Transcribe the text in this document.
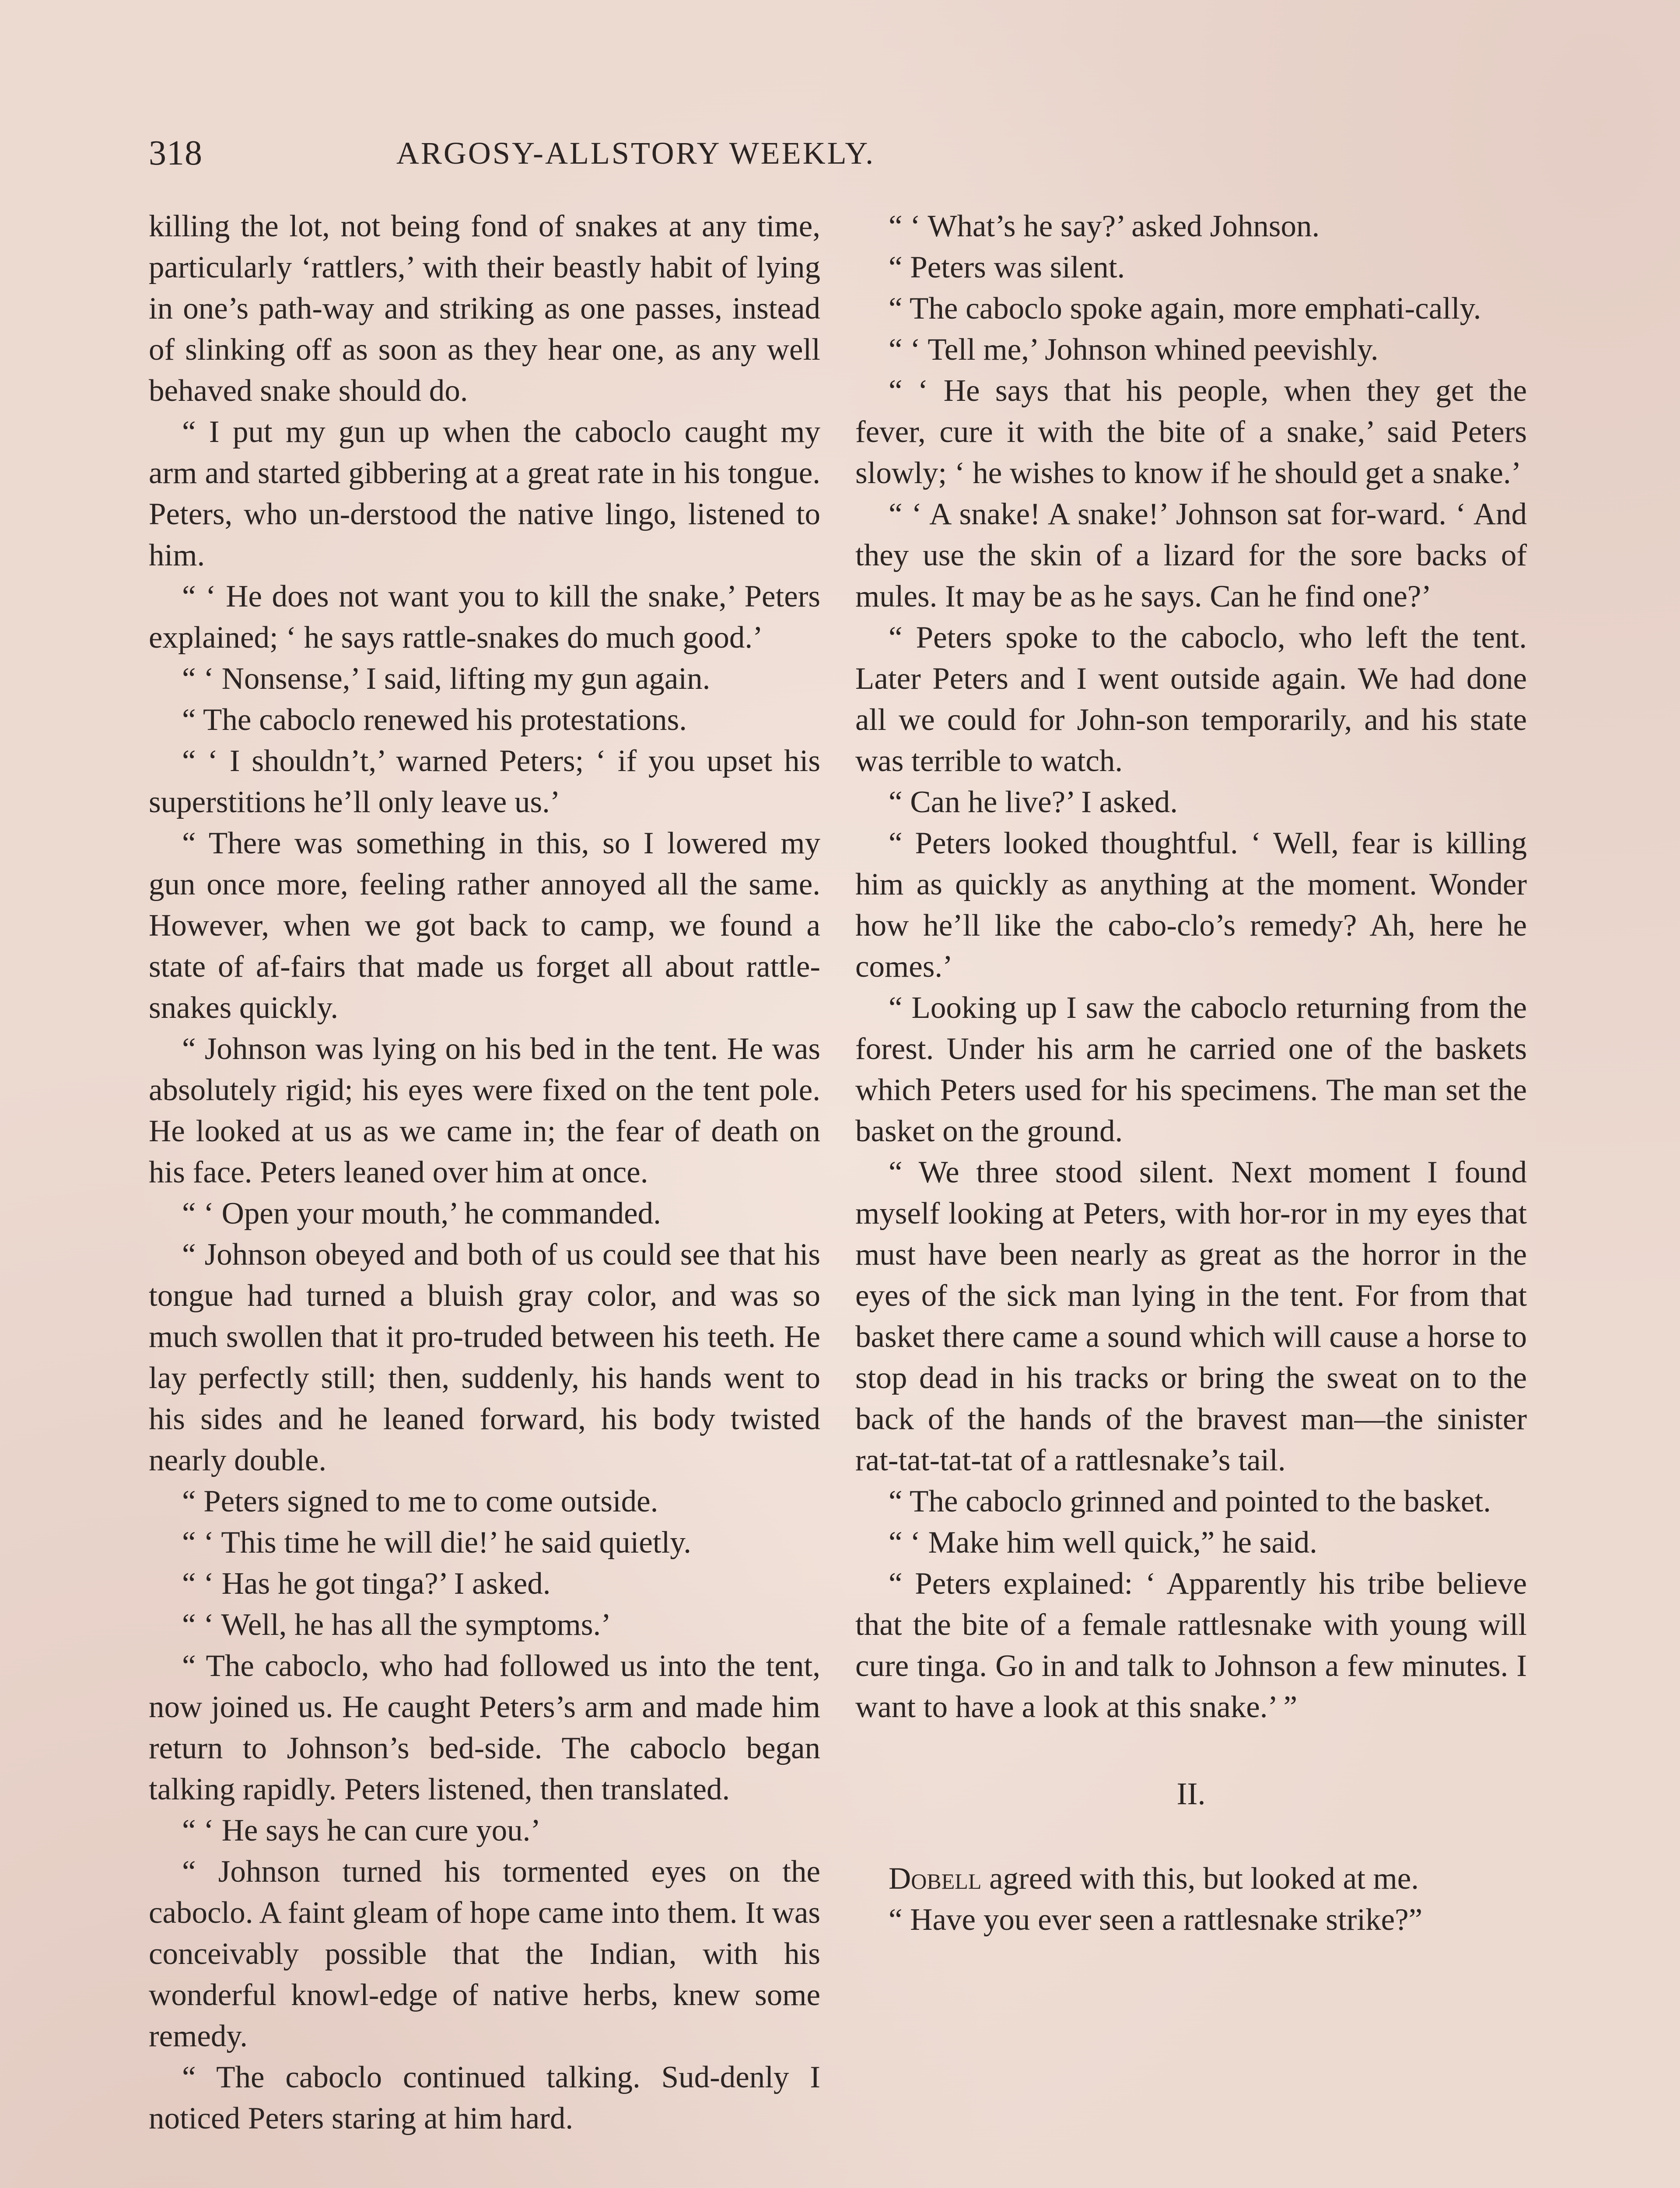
318	ARGOSY-ALLSTORY WEEKLY.

killing the lot, not being fond of snakes at any time, particularly ‘rattlers,’ with their beastly habit of lying in one’s path-way and striking as one passes, instead of slinking off as soon as they hear one, as any well behaved snake should do.

“ I put my gun up when the caboclo caught my arm and started gibbering at a great rate in his tongue. Peters, who un-derstood the native lingo, listened to him.

“ ‘ He does not want you to kill the snake,’ Peters explained; ‘ he says rattle-snakes do much good.’

“ ‘ Nonsense,’ I said, lifting my gun again.

“ The caboclo renewed his protestations.

“ ‘ I shouldn’t,’ warned Peters; ‘ if you upset his superstitions he’ll only leave us.’

“ There was something in this, so I lowered my gun once more, feeling rather annoyed all the same. However, when we got back to camp, we found a state of af-fairs that made us forget all about rattle-snakes quickly.

“ Johnson was lying on his bed in the tent. He was absolutely rigid; his eyes were fixed on the tent pole. He looked at us as we came in; the fear of death on his face. Peters leaned over him at once.

“ ‘ Open your mouth,’ he commanded.

“ Johnson obeyed and both of us could see that his tongue had turned a bluish gray color, and was so much swollen that it pro-truded between his teeth. He lay perfectly still; then, suddenly, his hands went to his sides and he leaned forward, his body twisted nearly double.

“ Peters signed to me to come outside.

“ ‘ This time he will die!’ he said quietly.

“ ‘ Has he got tinga?’ I asked.

“ ‘ Well, he has all the symptoms.’

“ The caboclo, who had followed us into the tent, now joined us. He caught Peters’s arm and made him return to Johnson’s bed-side. The caboclo began talking rapidly. Peters listened, then translated.

“ ‘ He says he can cure you.’

“ Johnson turned his tormented eyes on the caboclo. A faint gleam of hope came into them. It was conceivably possible that the Indian, with his wonderful knowl-edge of native herbs, knew some remedy.

“ The caboclo continued talking. Sud-denly I noticed Peters staring at him hard.

“ ‘ What’s he say?’ asked Johnson.

“ Peters was silent.

“ The caboclo spoke again, more emphati-cally.

“ ‘ Tell me,’ Johnson whined peevishly.

“ ‘ He says that his people, when they get the fever, cure it with the bite of a snake,’ said Peters slowly; ‘ he wishes to know if he should get a snake.’

“ ‘ A snake! A snake!’ Johnson sat for-ward. ‘ And they use the skin of a lizard for the sore backs of mules. It may be as he says. Can he find one?’

“ Peters spoke to the caboclo, who left the tent. Later Peters and I went outside again. We had done all we could for John-son temporarily, and his state was terrible to watch.

“ Can he live?’ I asked.

“ Peters looked thoughtful. ‘ Well, fear is killing him as quickly as anything at the moment. Wonder how he’ll like the cabo-clo’s remedy? Ah, here he comes.’

“ Looking up I saw the caboclo returning from the forest. Under his arm he carried one of the baskets which Peters used for his specimens. The man set the basket on the ground.

“ We three stood silent. Next moment I found myself looking at Peters, with hor-ror in my eyes that must have been nearly as great as the horror in the eyes of the sick man lying in the tent. For from that basket there came a sound which will cause a horse to stop dead in his tracks or bring the sweat on to the back of the hands of the bravest man—the sinister rat-tat-tat-tat of a rattlesnake’s tail.

“ The caboclo grinned and pointed to the basket.

“ ‘ Make him well quick,” he said.

“ Peters explained: ‘ Apparently his tribe believe that the bite of a female rattlesnake with young will cure tinga. Go in and talk to Johnson a few minutes. I want to have a look at this snake.’ ”

II.

Dobell agreed with this, but looked at me.

“ Have you ever seen a rattlesnake strike?”
